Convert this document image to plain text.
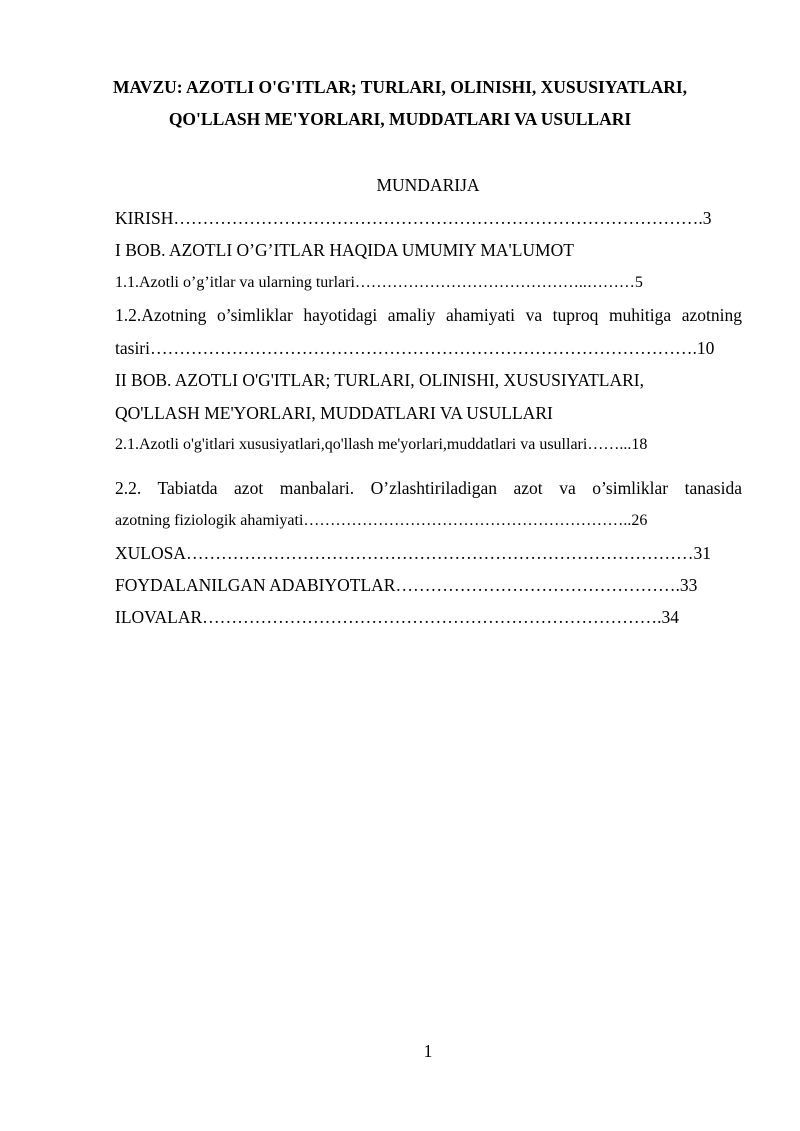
MAVZU: AZOTLI O'G'ITLAR; TURLARI, OLINISHI, XUSUSIYATLARI,
QO'LLASH ME'YORLARI, MUDDATLARI VA USULLARI
MUNDARIJA
KIRISH……………………………………………………………………………….3
I BOB. AZOTLI O’G’ITLAR HAQIDA UMUMIY MA'LUMOT
1.1.Azotli o’g’itlar va ularning turlari……………………………………..………5
1.2.Azotning o’simliklar hayotidagi amaliy ahamiyati va tuproq muhitiga azotning
tasiri………………………………………………………………………………….10
II BOB. AZOTLI O'G'ITLAR; TURLARI, OLINISHI, XUSUSIYATLARI,
QO'LLASH ME'YORLARI, MUDDATLARI VA USULLARI
2.1.Azotli o'g'itlari xususiyatlari,qo'llash me'yorlari,muddatlari va usullari……...18
2.2. Tabiatda azot manbalari. O’zlashtiriladigan azot va o’simliklar tanasida
azotning fiziologik ahamiyati……………………………………………………..26
XULOSA……………………………………………………………………………31
FOYDALANILGAN ADABIYOTLAR………………………………………….33
ILOVALAR…………………………………………………………………….34
1
